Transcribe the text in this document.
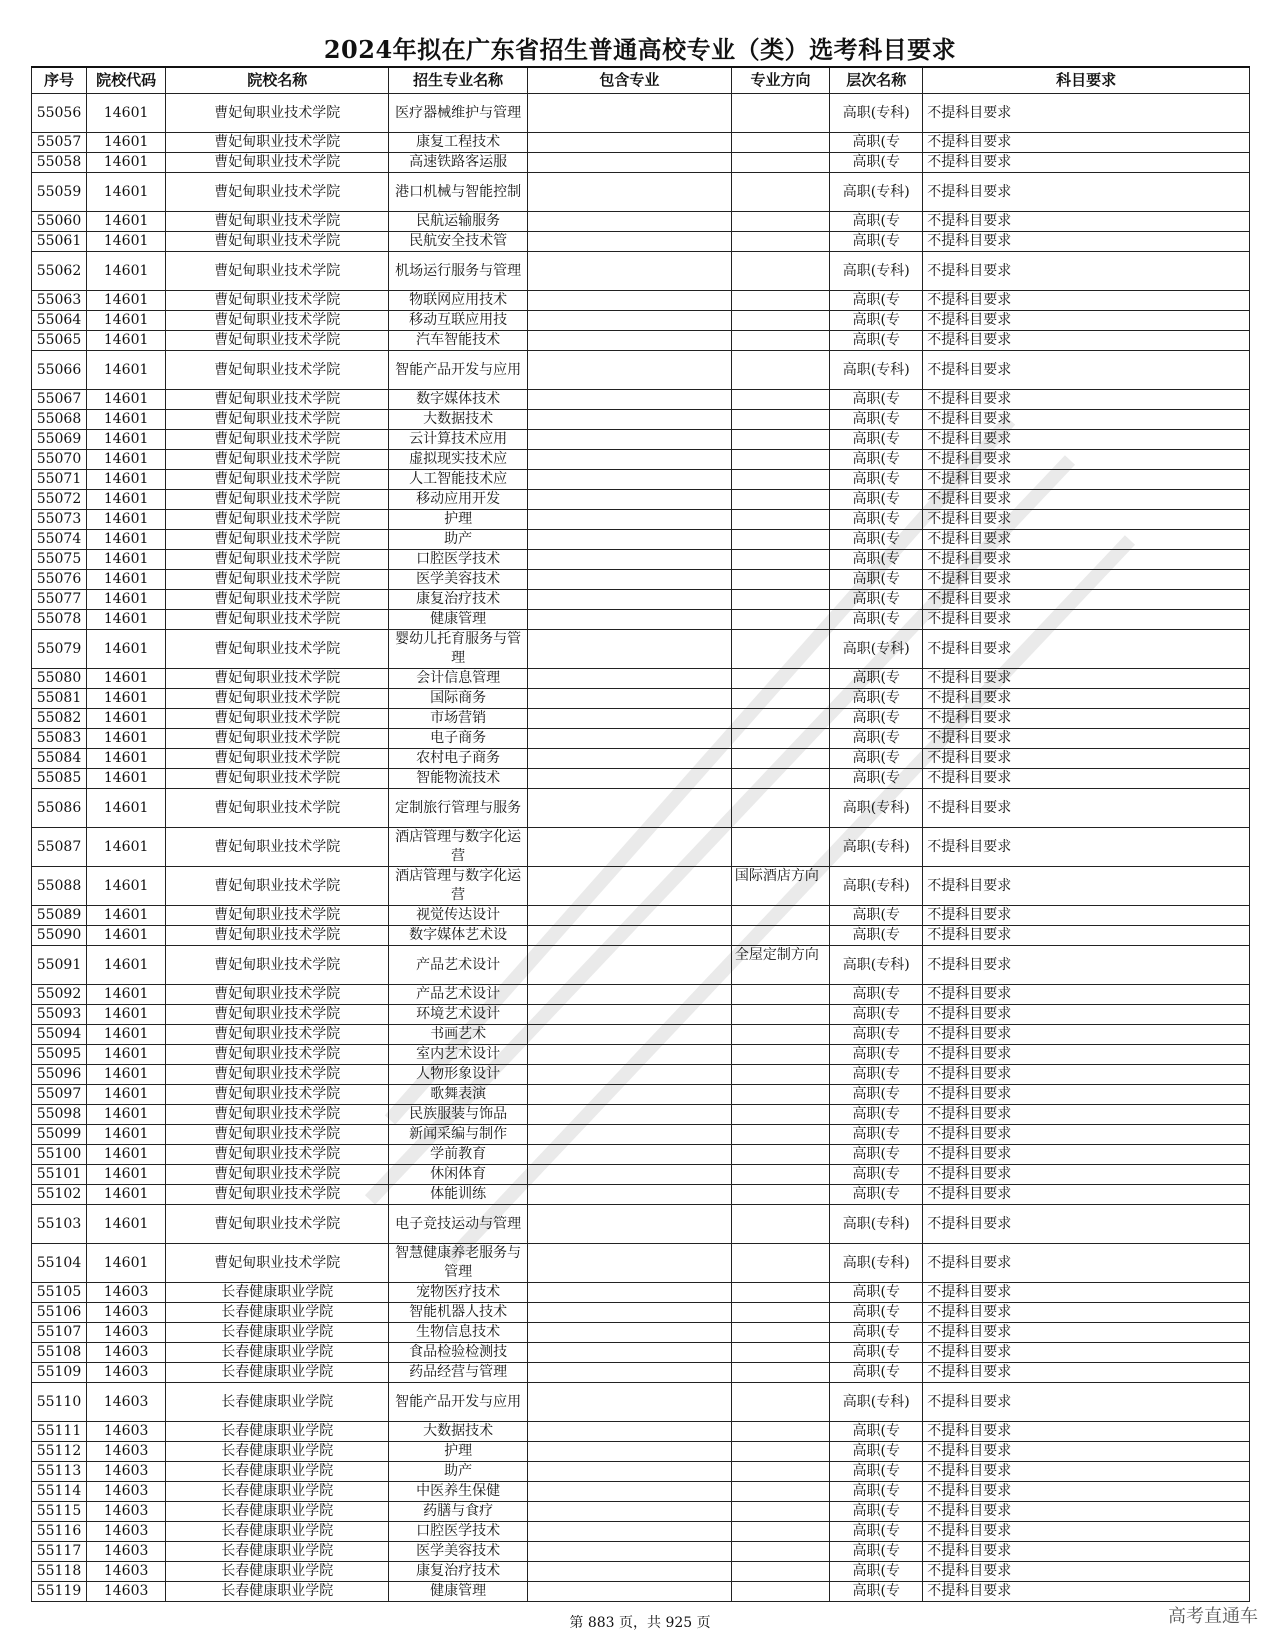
2024年拟在广东省招生普通高校专业（类）选考科目要求
序号	院校代码	院校名称	招生专业名称	包含专业	专业方向	层次名称	科目要求
55056	14601	曹妃甸职业技术学院	医疗器械维护与管理			高职(专科)	不提科目要求
55057	14601	曹妃甸职业技术学院	康复工程技术			高职(专	不提科目要求
55058	14601	曹妃甸职业技术学院	高速铁路客运服			高职(专	不提科目要求
55059	14601	曹妃甸职业技术学院	港口机械与智能控制			高职(专科)	不提科目要求
55060	14601	曹妃甸职业技术学院	民航运输服务			高职(专	不提科目要求
55061	14601	曹妃甸职业技术学院	民航安全技术管			高职(专	不提科目要求
55062	14601	曹妃甸职业技术学院	机场运行服务与管理			高职(专科)	不提科目要求
55063	14601	曹妃甸职业技术学院	物联网应用技术			高职(专	不提科目要求
55064	14601	曹妃甸职业技术学院	移动互联应用技			高职(专	不提科目要求
55065	14601	曹妃甸职业技术学院	汽车智能技术			高职(专	不提科目要求
55066	14601	曹妃甸职业技术学院	智能产品开发与应用			高职(专科)	不提科目要求
55067	14601	曹妃甸职业技术学院	数字媒体技术			高职(专	不提科目要求
55068	14601	曹妃甸职业技术学院	大数据技术			高职(专	不提科目要求
55069	14601	曹妃甸职业技术学院	云计算技术应用			高职(专	不提科目要求
55070	14601	曹妃甸职业技术学院	虚拟现实技术应			高职(专	不提科目要求
55071	14601	曹妃甸职业技术学院	人工智能技术应			高职(专	不提科目要求
55072	14601	曹妃甸职业技术学院	移动应用开发			高职(专	不提科目要求
55073	14601	曹妃甸职业技术学院	护理			高职(专	不提科目要求
55074	14601	曹妃甸职业技术学院	助产			高职(专	不提科目要求
55075	14601	曹妃甸职业技术学院	口腔医学技术			高职(专	不提科目要求
55076	14601	曹妃甸职业技术学院	医学美容技术			高职(专	不提科目要求
55077	14601	曹妃甸职业技术学院	康复治疗技术			高职(专	不提科目要求
55078	14601	曹妃甸职业技术学院	健康管理			高职(专	不提科目要求
55079	14601	曹妃甸职业技术学院	婴幼儿托育服务与管理			高职(专科)	不提科目要求
55080	14601	曹妃甸职业技术学院	会计信息管理			高职(专	不提科目要求
55081	14601	曹妃甸职业技术学院	国际商务			高职(专	不提科目要求
55082	14601	曹妃甸职业技术学院	市场营销			高职(专	不提科目要求
55083	14601	曹妃甸职业技术学院	电子商务			高职(专	不提科目要求
55084	14601	曹妃甸职业技术学院	农村电子商务			高职(专	不提科目要求
55085	14601	曹妃甸职业技术学院	智能物流技术			高职(专	不提科目要求
55086	14601	曹妃甸职业技术学院	定制旅行管理与服务			高职(专科)	不提科目要求
55087	14601	曹妃甸职业技术学院	酒店管理与数字化运营			高职(专科)	不提科目要求
55088	14601	曹妃甸职业技术学院	酒店管理与数字化运营		国际酒店方向	高职(专科)	不提科目要求
55089	14601	曹妃甸职业技术学院	视觉传达设计			高职(专	不提科目要求
55090	14601	曹妃甸职业技术学院	数字媒体艺术设			高职(专	不提科目要求
55091	14601	曹妃甸职业技术学院	产品艺术设计		全屋定制方向	高职(专科)	不提科目要求
55092	14601	曹妃甸职业技术学院	产品艺术设计			高职(专	不提科目要求
55093	14601	曹妃甸职业技术学院	环境艺术设计			高职(专	不提科目要求
55094	14601	曹妃甸职业技术学院	书画艺术			高职(专	不提科目要求
55095	14601	曹妃甸职业技术学院	室内艺术设计			高职(专	不提科目要求
55096	14601	曹妃甸职业技术学院	人物形象设计			高职(专	不提科目要求
55097	14601	曹妃甸职业技术学院	歌舞表演			高职(专	不提科目要求
55098	14601	曹妃甸职业技术学院	民族服装与饰品			高职(专	不提科目要求
55099	14601	曹妃甸职业技术学院	新闻采编与制作			高职(专	不提科目要求
55100	14601	曹妃甸职业技术学院	学前教育			高职(专	不提科目要求
55101	14601	曹妃甸职业技术学院	休闲体育			高职(专	不提科目要求
55102	14601	曹妃甸职业技术学院	体能训练			高职(专	不提科目要求
55103	14601	曹妃甸职业技术学院	电子竞技运动与管理			高职(专科)	不提科目要求
55104	14601	曹妃甸职业技术学院	智慧健康养老服务与管理			高职(专科)	不提科目要求
55105	14603	长春健康职业学院	宠物医疗技术			高职(专	不提科目要求
55106	14603	长春健康职业学院	智能机器人技术			高职(专	不提科目要求
55107	14603	长春健康职业学院	生物信息技术			高职(专	不提科目要求
55108	14603	长春健康职业学院	食品检验检测技			高职(专	不提科目要求
55109	14603	长春健康职业学院	药品经营与管理			高职(专	不提科目要求
55110	14603	长春健康职业学院	智能产品开发与应用			高职(专科)	不提科目要求
55111	14603	长春健康职业学院	大数据技术			高职(专	不提科目要求
55112	14603	长春健康职业学院	护理			高职(专	不提科目要求
55113	14603	长春健康职业学院	助产			高职(专	不提科目要求
55114	14603	长春健康职业学院	中医养生保健			高职(专	不提科目要求
55115	14603	长春健康职业学院	药膳与食疗			高职(专	不提科目要求
55116	14603	长春健康职业学院	口腔医学技术			高职(专	不提科目要求
55117	14603	长春健康职业学院	医学美容技术			高职(专	不提科目要求
55118	14603	长春健康职业学院	康复治疗技术			高职(专	不提科目要求
55119	14603	长春健康职业学院	健康管理			高职(专	不提科目要求
第 883 页，共 925 页	高考直通车
